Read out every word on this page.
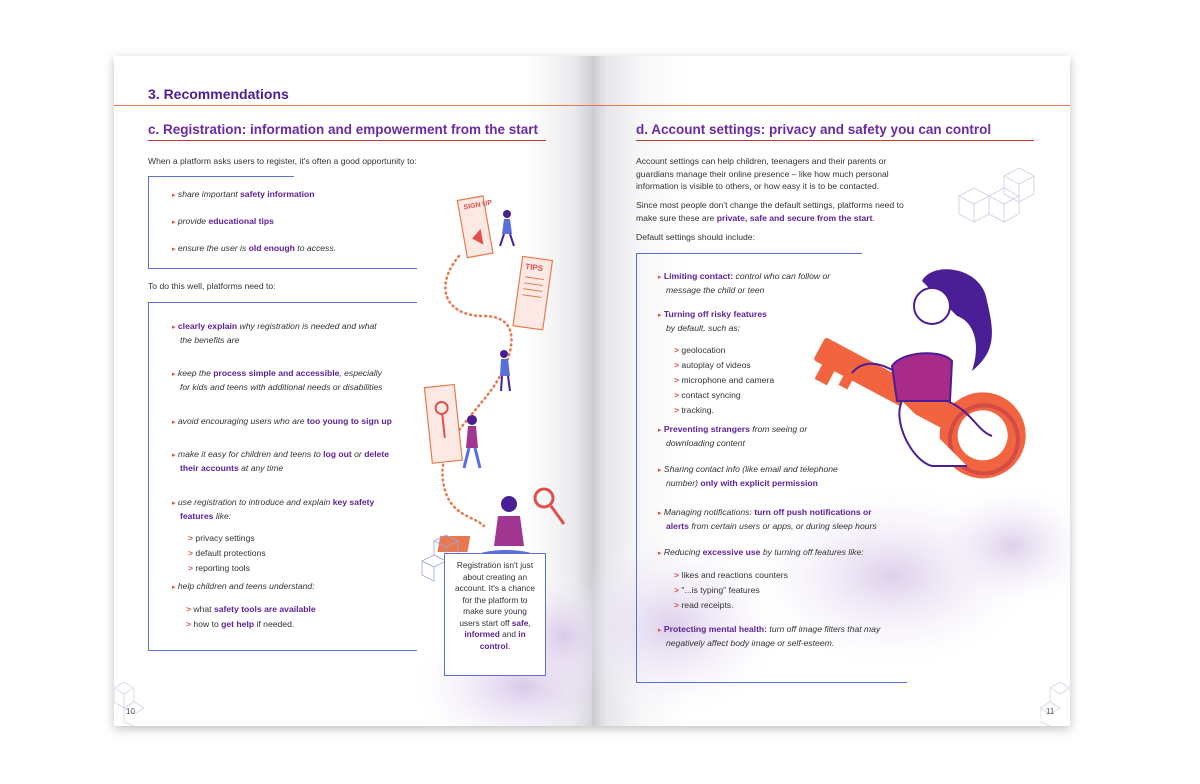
3. Recommendations
c. Registration: information and empowerment from the start
When a platform asks users to register, it's often a good opportunity to:
▸ share important safety information
▸ provide educational tips
▸ ensure the user is old enough to access.
To do this well, platforms need to:
▸ clearly explain why registration is needed and what
the benefits are
▸ keep the process simple and accessible, especially
for kids and teens with additional needs or disabilities
▸ avoid encouraging users who are too young to sign up
▸ make it easy for children and teens to log out or delete
their accounts at any time
▸ use registration to introduce and explain key safety
features like:
> privacy settings
> default protections
> reporting tools
▸ help children and teens understand:
> what safety tools are available
> how to get help if needed.
SIGN UP
TIPS
Registration isn't just
about creating an
account. It's a chance
for the platform to
make sure young
users start off safe,
informed and in
control.
10
d. Account settings: privacy and safety you can control
Account settings can help children, teenagers and their parents or
guardians manage their online presence – like how much personal
information is visible to others, or how easy it is to be contacted.
Since most people don't change the default settings, platforms need to
make sure these are private, safe and secure from the start.
Default settings should include:
▸ Limiting contact: control who can follow or
message the child or teen
▸ Turning off risky features
by default, such as:
> geolocation
> autoplay of videos
> microphone and camera
> contact syncing
> tracking.
▸ Preventing strangers from seeing or
downloading content
▸ Sharing contact info (like email and telephone
number) only with explicit permission
▸ Managing notifications: turn off push notifications or
alerts from certain users or apps, or during sleep hours
▸ Reducing excessive use by turning off features like:
> likes and reactions counters
> "...is typing" features
> read receipts.
▸ Protecting mental health: turn off image filters that may
negatively affect body image or self-esteem.
11
